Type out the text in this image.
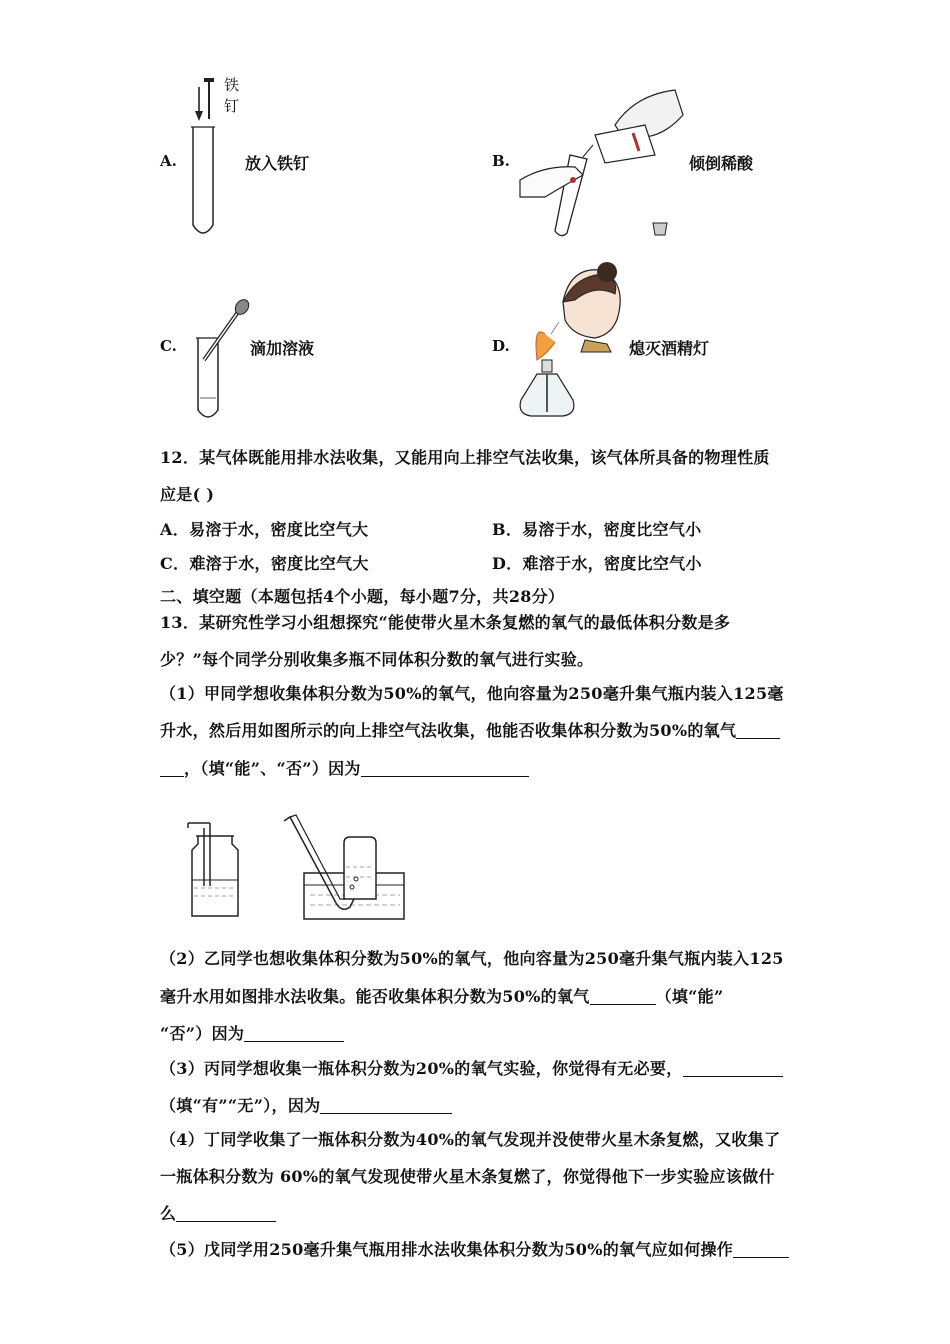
A.
铁
钉
放入铁钉	B.	倾倒稀酸
C.	滴加溶液	D.	熄灭酒精灯
12．某气体既能用排水法收集，又能用向上排空气法收集，该气体所具备的物理性质
应是( )
A．易溶于水，密度比空气大	B．易溶于水，密度比空气小
C．难溶于水，密度比空气大	D．难溶于水，密度比空气小
二、填空题（本题包括4个小题，每小题7分，共28分）
13．某研究性学习小组想探究“能使带火星木条复燃的氧气的最低体积分数是多
少？”每个同学分别收集多瓶不同体积分数的氧气进行实验。
（1）甲同学想收集体积分数为50%的氧气，他向容量为250毫升集气瓶内装入125毫
升水，然后用如图所示的向上排空气法收集，他能否收集体积分数为50%的氧气
，（填“能”、“否”）因为
（2）乙同学也想收集体积分数为50%的氧气，他向容量为250毫升集气瓶内装入125
毫升水用如图排水法收集。能否收集体积分数为50%的氧气	（填“能”
“否”）因为
（3）丙同学想收集一瓶体积分数为20%的氧气实验，你觉得有无必要，
（填“有”“无”），因为
（4）丁同学收集了一瓶体积分数为40%的氧气发现并没使带火星木条复燃，又收集了
一瓶体积分数为 60%的氧气发现使带火星木条复燃了，你觉得他下一步实验应该做什
么
（5）戊同学用250毫升集气瓶用排水法收集体积分数为50%的氧气应如何操作
